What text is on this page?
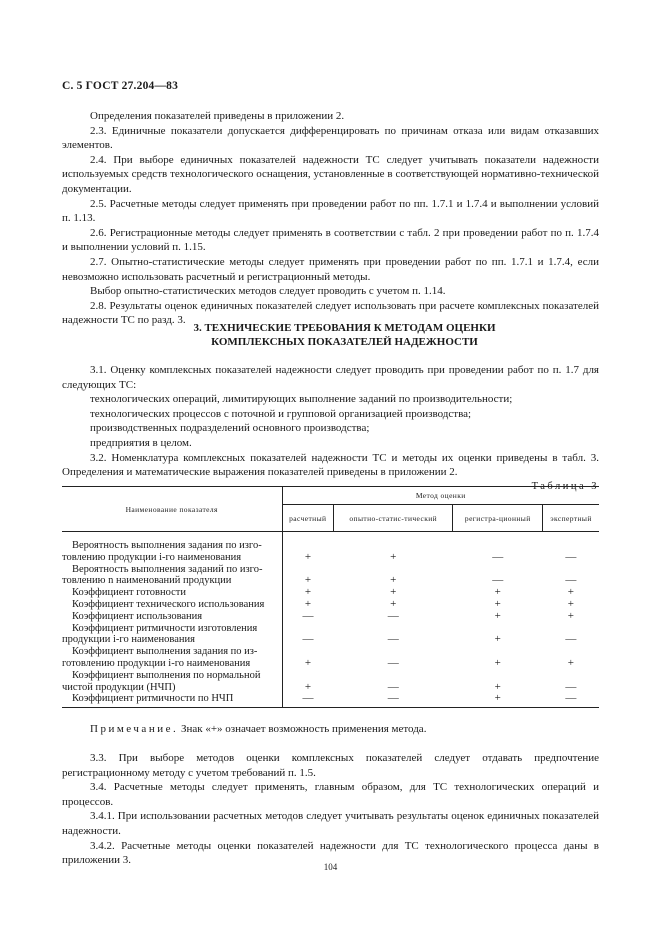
С. 5 ГОСТ 27.204—83

Определения показателей приведены в приложении 2.

2.3. Единичные показатели допускается дифференцировать по причинам отказа или видам отказавших элементов.

2.4. При выборе единичных показателей надежности ТС следует учитывать показатели надежности используемых средств технологического оснащения, установленные в соответствующей нормативно-технической документации.

2.5. Расчетные методы следует применять при проведении работ по пп. 1.7.1 и 1.7.4 и выполнении условий п. 1.13.

2.6. Регистрационные методы следует применять в соответствии с табл. 2 при проведении работ по п. 1.7.4 и выполнении условий п. 1.15.

2.7. Опытно-статистические методы следует применять при проведении работ по пп. 1.7.1 и 1.7.4, если невозможно использовать расчетный и регистрационный методы.

Выбор опытно-статистических методов следует проводить с учетом п. 1.14.

2.8. Результаты оценок единичных показателей следует использовать при расчете комплексных показателей надежности ТС по разд. 3.

3. ТЕХНИЧЕСКИЕ ТРЕБОВАНИЯ К МЕТОДАМ ОЦЕНКИ

КОМПЛЕКСНЫХ ПОКАЗАТЕЛЕЙ НАДЕЖНОСТИ

3.1. Оценку комплексных показателей надежности следует проводить при проведении работ по п. 1.7 для следующих ТС:

технологических операций, лимитирующих выполнение заданий по производительности;

технологических процессов с поточной и групповой организацией производства;

производственных подразделений основного производства;

предприятия в целом.

3.2. Номенклатура комплексных показателей надежности ТС и методы их оценки приведены в табл. 3. Определения и математические выражения показателей приведены в приложении 2.

Таблица 3

Наименование показателя	Метод оценки			
	расчетный	опытно-статис-тический	регистра-ционный	экспертный

Вероятность выполнения задания по изго-
товлению продукции i-го наименования	+	+	—	—

Вероятность выполнения заданий по изго-
товлению n наименований продукции	+	+	—	—

Коэффициент готовности	+	+	+	+

Коэффициент технического использования	+	+	+	+

Коэффициент использования	—	—	+	+

Коэффициент ритмичности изготовления
продукции i-го наименования	—	—	+	—

Коэффициент выполнения задания по из-
готовлению продукции i-го наименования	+	—	+	+

Коэффициент выполнения по нормальной
чистой продукции (НЧП)	+	—	+	—

Коэффициент ритмичности по НЧП	—	—	+	—
Примечание. Знак «+» означает возможность применения метода.

3.3. При выборе методов оценки комплексных показателей следует отдавать предпочтение регистрационному методу с учетом требований п. 1.5.

3.4. Расчетные методы следует применять, главным образом, для ТС технологических операций и процессов.

3.4.1. При использовании расчетных методов следует учитывать результаты оценок единичных показателей надежности.

3.4.2. Расчетные методы оценки показателей надежности для ТС технологического процесса даны в приложении 3.

104
